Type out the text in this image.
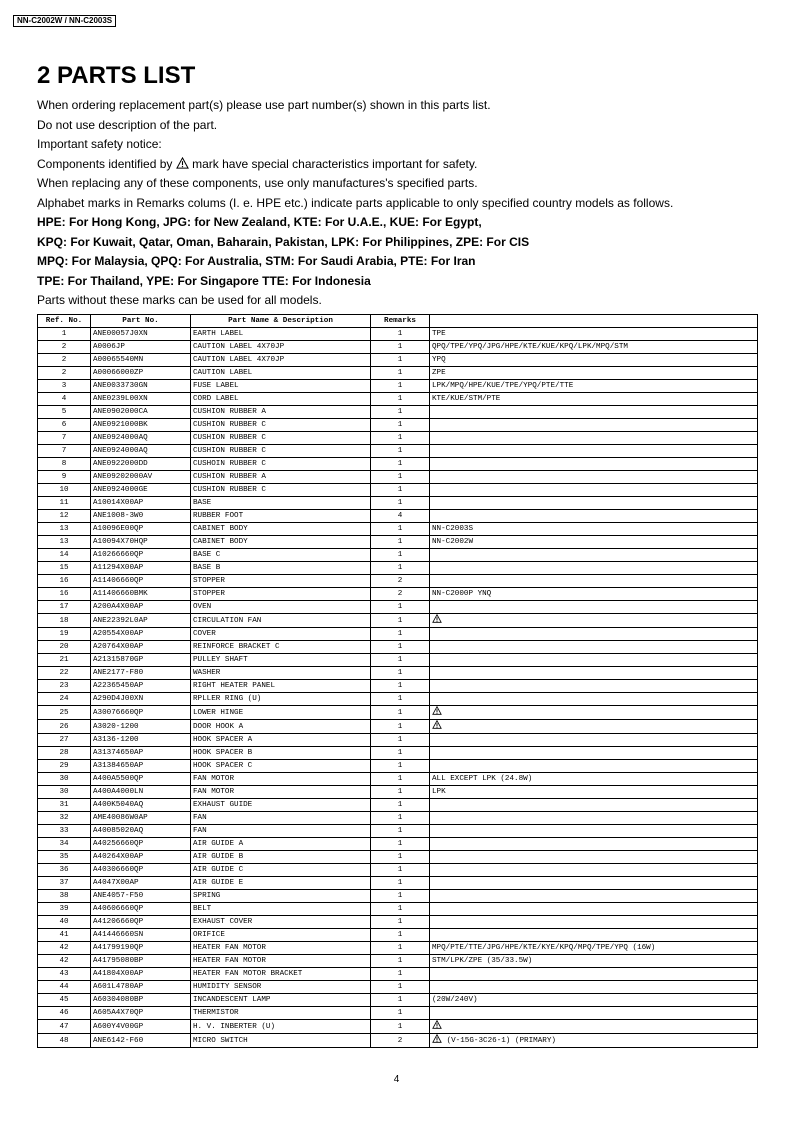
NN-C2002W / NN-C2003S
2 PARTS LIST

When ordering replacement part(s) please use part number(s) shown in this parts list.

Do not use description of the part.

Important safety notice:

Components identified by mark have special characteristics important for safety.

When replacing any of these components, use only manufactures's specified parts.

Alphabet marks in Remarks colums (I. e. HPE etc.) indicate parts applicable to only specified country models as follows.

HPE: For Hong Kong, JPG: for New Zealand, KTE: For U.A.E., KUE: For Egypt,

KPQ: For Kuwait, Qatar, Oman, Baharain, Pakistan, LPK: For Philippines, ZPE: For CIS

MPQ: For Malaysia, QPQ: For Australia, STM: For Saudi Arabia, PTE: For Iran

TPE: For Thailand, YPE: For Singapore TTE: For Indonesia

Parts without these marks can be used for all models.

Ref. No.	Part No.	Part Name & Description	Remarks	
1	ANE00057J0XN	EARTH LABEL	1	TPE
2	A0006JP	CAUTION LABEL 4X70JP	1	QPQ/TPE/YPQ/JPG/HPE/KTE/KUE/KPQ/LPK/MPQ/STM
2	A00065540MN	CAUTION LABEL 4X70JP	1	YPQ
2	A00066000ZP	CAUTION LABEL	1	ZPE
3	ANE0033730GN	FUSE LABEL	1	LPK/MPQ/HPE/KUE/TPE/YPQ/PTE/TTE
4	ANE0239L00XN	CORD LABEL	1	KTE/KUE/STM/PTE
5	ANE0902000CA	CUSHION RUBBER A	1	
6	ANE0921000BK	CUSHION RUBBER C	1	
7	ANE0924000AQ	CUSHION RUBBER C	1	
7	ANE0924000AQ	CUSHION RUBBER C	1	
8	ANE0922000DD	CUSHOIN RUBBER C	1	
9	ANE09202000AV	CUSHION RUBBER A	1	
10	ANE0924000GE	CUSHION RUBBER C	1	
11	A10014X00AP	BASE	1	
12	ANE1008-3W0	RUBBER FOOT	4	
13	A10096E00QP	CABINET BODY	1	NN-C2003S
13	A10094X70HQP	CABINET BODY	1	NN-C2002W
14	A10266660QP	BASE C	1	
15	A11294X00AP	BASE B	1	
16	A11406660QP	STOPPER	2	
16	A11406660BMK	STOPPER	2	NN-C2000P YNQ
17	A200A4X00AP	OVEN	1	
18	ANE22392L0AP	CIRCULATION FAN	1	
19	A20554X00AP	COVER	1	
20	A20764X00AP	REINFORCE BRACKET C	1	
21	A21315870GP	PULLEY SHAFT	1	
22	ANE2177-F80	WASHER	1	
23	A22365450AP	RIGHT HEATER PANEL	1	
24	A290D4J00XN	RPLLER RING (U)	1	
25	A30076660QP	LOWER HINGE	1	
26	A3020-1200	DOOR HOOK A	1	
27	A3136-1200	HOOK SPACER A	1	
28	A31374650AP	HOOK SPACER B	1	
29	A31384650AP	HOOK SPACER C	1	
30	A400A5500QP	FAN MOTOR	1	ALL EXCEPT LPK (24.8W)
30	A400A4000LN	FAN MOTOR	1	LPK
31	A400K5040AQ	EXHAUST GUIDE	1	
32	AME40086W0AP	FAN	1	
33	A40085020AQ	FAN	1	
34	A40256660QP	AIR GUIDE A	1	
35	A40264X00AP	AIR GUIDE B	1	
36	A40306660QP	AIR GUIDE C	1	
37	A4047X00AP	AIR GUIDE E	1	
38	ANE4057-F50	SPRING	1	
39	A40606660QP	BELT	1	
40	A41206660QP	EXHAUST COVER	1	
41	A41446660SN	ORIFICE	1	
42	A41799190QP	HEATER FAN MOTOR	1	MPQ/PTE/TTE/JPG/HPE/KTE/KYE/KPQ/MPQ/TPE/YPQ (16W)
42	A41795080BP	HEATER FAN MOTOR	1	STM/LPK/ZPE (35/33.5W)
43	A41804X00AP	HEATER FAN MOTOR BRACKET	1	
44	A601L4780AP	HUMIDITY SENSOR	1	
45	A60304080BP	INCANDESCENT LAMP	1	(20W/240V)
46	A605A4X70QP	THERMISTOR	1	
47	A600Y4V00GP	H. V. INBERTER (U)	1	
48	ANE6142-F60	MICRO SWITCH	2	(V-15G-3C26-1) (PRIMARY)
4
